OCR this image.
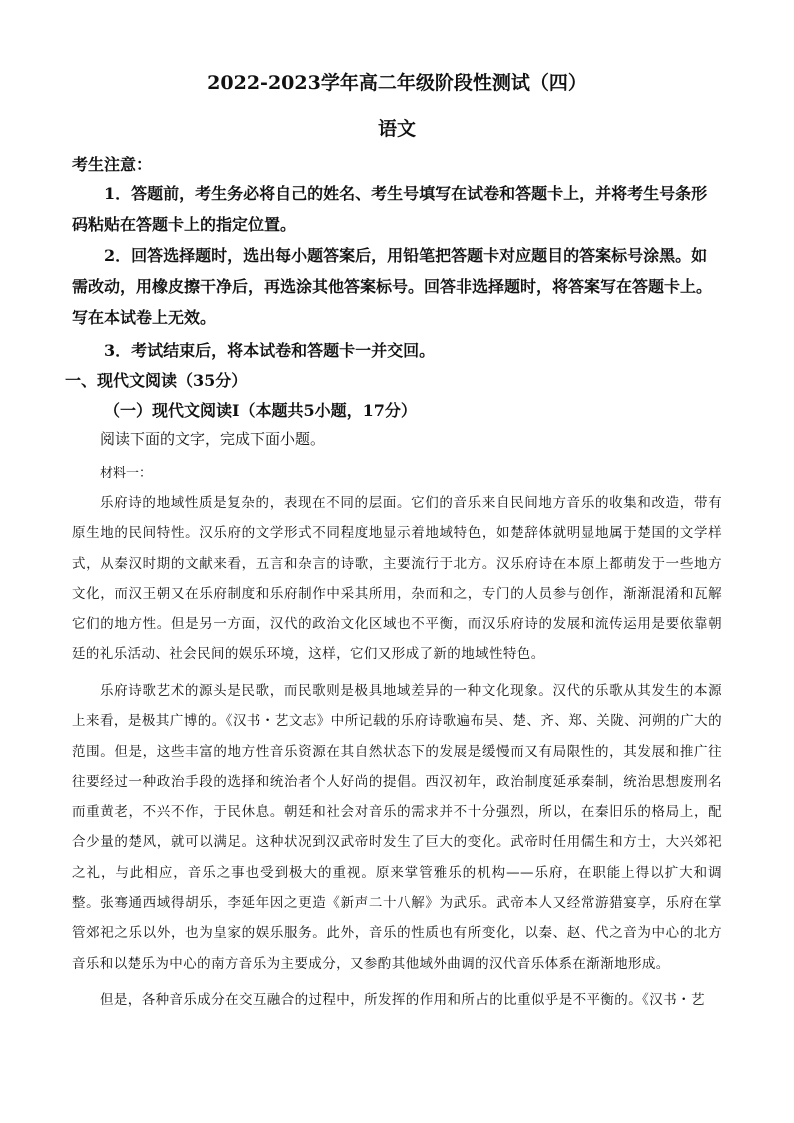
2022-2023学年高二年级阶段性测试（四）
语文
考生注意：

1．答题前，考生务必将自己的姓名、考生号填写在试卷和答题卡上，并将考生号条形码粘贴在答题卡上的指定位置。

2．回答选择题时，选出每小题答案后，用铅笔把答题卡对应题目的答案标号涂黑。如需改动，用橡皮擦干净后，再选涂其他答案标号。回答非选择题时，将答案写在答题卡上。写在本试卷上无效。

3．考试结束后，将本试卷和答题卡一并交回。

一、现代文阅读（35分）
（一）现代文阅读Ⅰ（本题共5小题，17分）
阅读下面的文字，完成下面小题。
材料一：

乐府诗的地域性质是复杂的，表现在不同的层面。它们的音乐来自民间地方音乐的收集和改造，带有原生地的民间特性。汉乐府的文学形式不同程度地显示着地域特色，如楚辞体就明显地属于楚国的文学样式，从秦汉时期的文献来看，五言和杂言的诗歌，主要流行于北方。汉乐府诗在本原上都萌发于一些地方文化，而汉王朝又在乐府制度和乐府制作中采其所用，杂而和之，专门的人员参与创作，渐渐混淆和瓦解它们的地方性。但是另一方面，汉代的政治文化区域也不平衡，而汉乐府诗的发展和流传运用是要依靠朝廷的礼乐活动、社会民间的娱乐环境，这样，它们又形成了新的地域性特色。

乐府诗歌艺术的源头是民歌，而民歌则是极具地域差异的一种文化现象。汉代的乐歌从其发生的本源上来看，是极其广博的。《汉书・艺文志》中所记载的乐府诗歌遍布吴、楚、齐、郑、关陇、河朔的广大的范围。但是，这些丰富的地方性音乐资源在其自然状态下的发展是缓慢而又有局限性的，其发展和推广往往要经过一种政治手段的选择和统治者个人好尚的提倡。西汉初年，政治制度延承秦制，统治思想废刑名而重黄老，不兴不作，于民休息。朝廷和社会对音乐的需求并不十分强烈，所以，在秦旧乐的格局上，配合少量的楚风，就可以满足。这种状况到汉武帝时发生了巨大的变化。武帝时任用儒生和方士，大兴郊祀之礼，与此相应，音乐之事也受到极大的重视。原来掌管雅乐的机构——乐府，在职能上得以扩大和调整。张骞通西域得胡乐，李延年因之更造《新声二十八解》为武乐。武帝本人又经常游猎宴享，乐府在掌管郊祀之乐以外，也为皇家的娱乐服务。此外，音乐的性质也有所变化，以秦、赵、代之音为中心的北方音乐和以楚乐为中心的南方音乐为主要成分，又参酌其他域外曲调的汉代音乐体系在渐渐地形成。

但是，各种音乐成分在交互融合的过程中，所发挥的作用和所占的比重似乎是不平衡的。《汉书・艺
